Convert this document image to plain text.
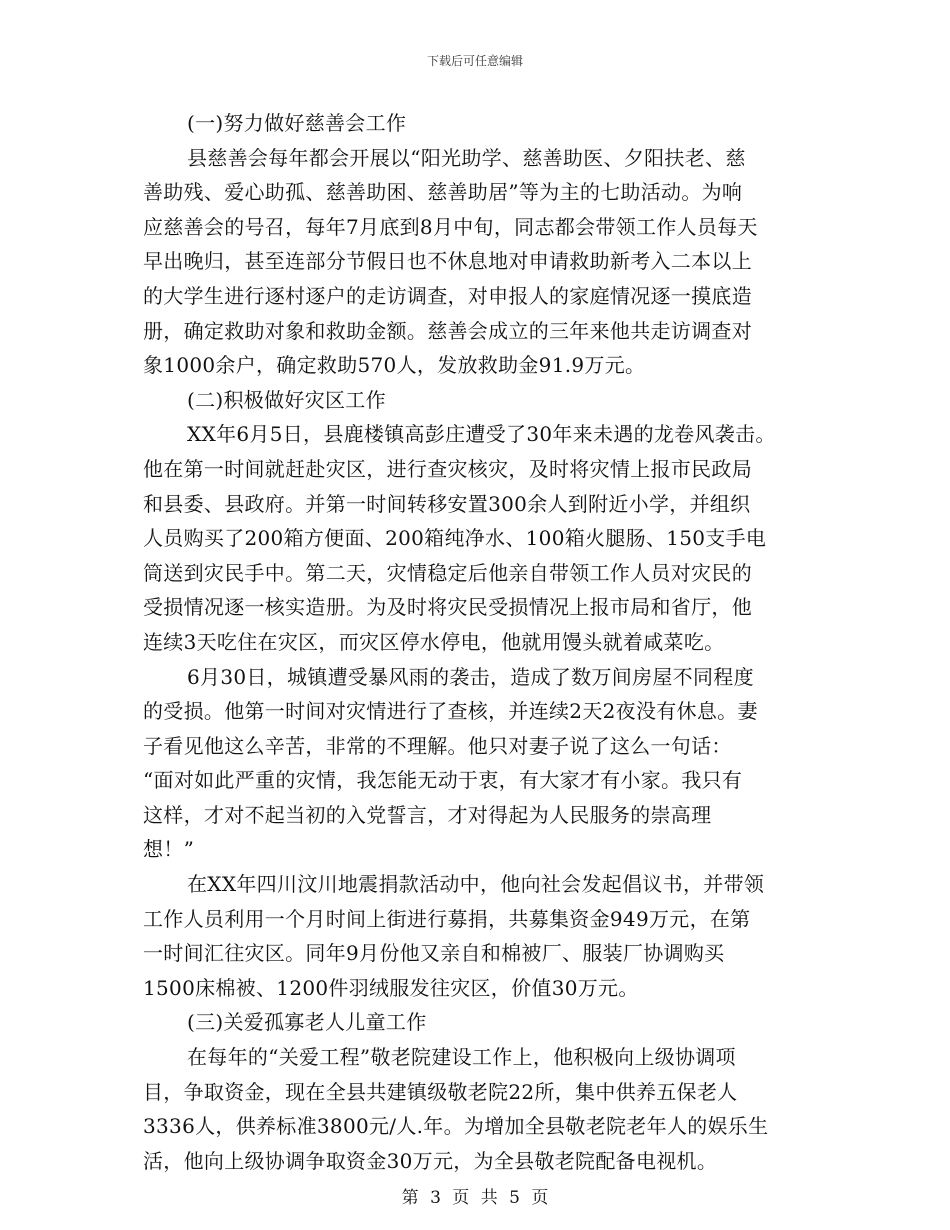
下载后可任意编辑
(一)努力做好慈善会工作
县慈善会每年都会开展以“阳光助学、慈善助医、夕阳扶老、慈
善助残、爱心助孤、慈善助困、慈善助居”等为主的七助活动。为响
应慈善会的号召，每年7月底到8月中旬，同志都会带领工作人员每天
早出晚归，甚至连部分节假日也不休息地对申请救助新考入二本以上
的大学生进行逐村逐户的走访调查，对申报人的家庭情况逐一摸底造
册，确定救助对象和救助金额。慈善会成立的三年来他共走访调查对
象1000余户，确定救助570人，发放救助金91.9万元。
(二)积极做好灾区工作
XX年6月5日，县鹿楼镇高彭庄遭受了30年来未遇的龙卷风袭击。
他在第一时间就赶赴灾区，进行查灾核灾，及时将灾情上报市民政局
和县委、县政府。并第一时间转移安置300余人到附近小学，并组织
人员购买了200箱方便面、200箱纯净水、100箱火腿肠、150支手电
筒送到灾民手中。第二天，灾情稳定后他亲自带领工作人员对灾民的
受损情况逐一核实造册。为及时将灾民受损情况上报市局和省厅，他
连续3天吃住在灾区，而灾区停水停电，他就用馒头就着咸菜吃。
6月30日，城镇遭受暴风雨的袭击，造成了数万间房屋不同程度
的受损。他第一时间对灾情进行了查核，并连续2天2夜没有休息。妻
子看见他这么辛苦，非常的不理解。他只对妻子说了这么一句话：
“面对如此严重的灾情，我怎能无动于衷，有大家才有小家。我只有
这样，才对不起当初的入党誓言，才对得起为人民服务的崇高理
想！”
在XX年四川汶川地震捐款活动中，他向社会发起倡议书，并带领
工作人员利用一个月时间上街进行募捐，共募集资金949万元，在第
一时间汇往灾区。同年9月份他又亲自和棉被厂、服装厂协调购买
1500床棉被、1200件羽绒服发往灾区，价值30万元。
(三)关爱孤寡老人儿童工作
在每年的“关爱工程”敬老院建设工作上，他积极向上级协调项
目，争取资金，现在全县共建镇级敬老院22所，集中供养五保老人
3336人，供养标准3800元/人.年。为增加全县敬老院老年人的娱乐生
活，他向上级协调争取资金30万元，为全县敬老院配备电视机。
第 3 页 共 5 页
